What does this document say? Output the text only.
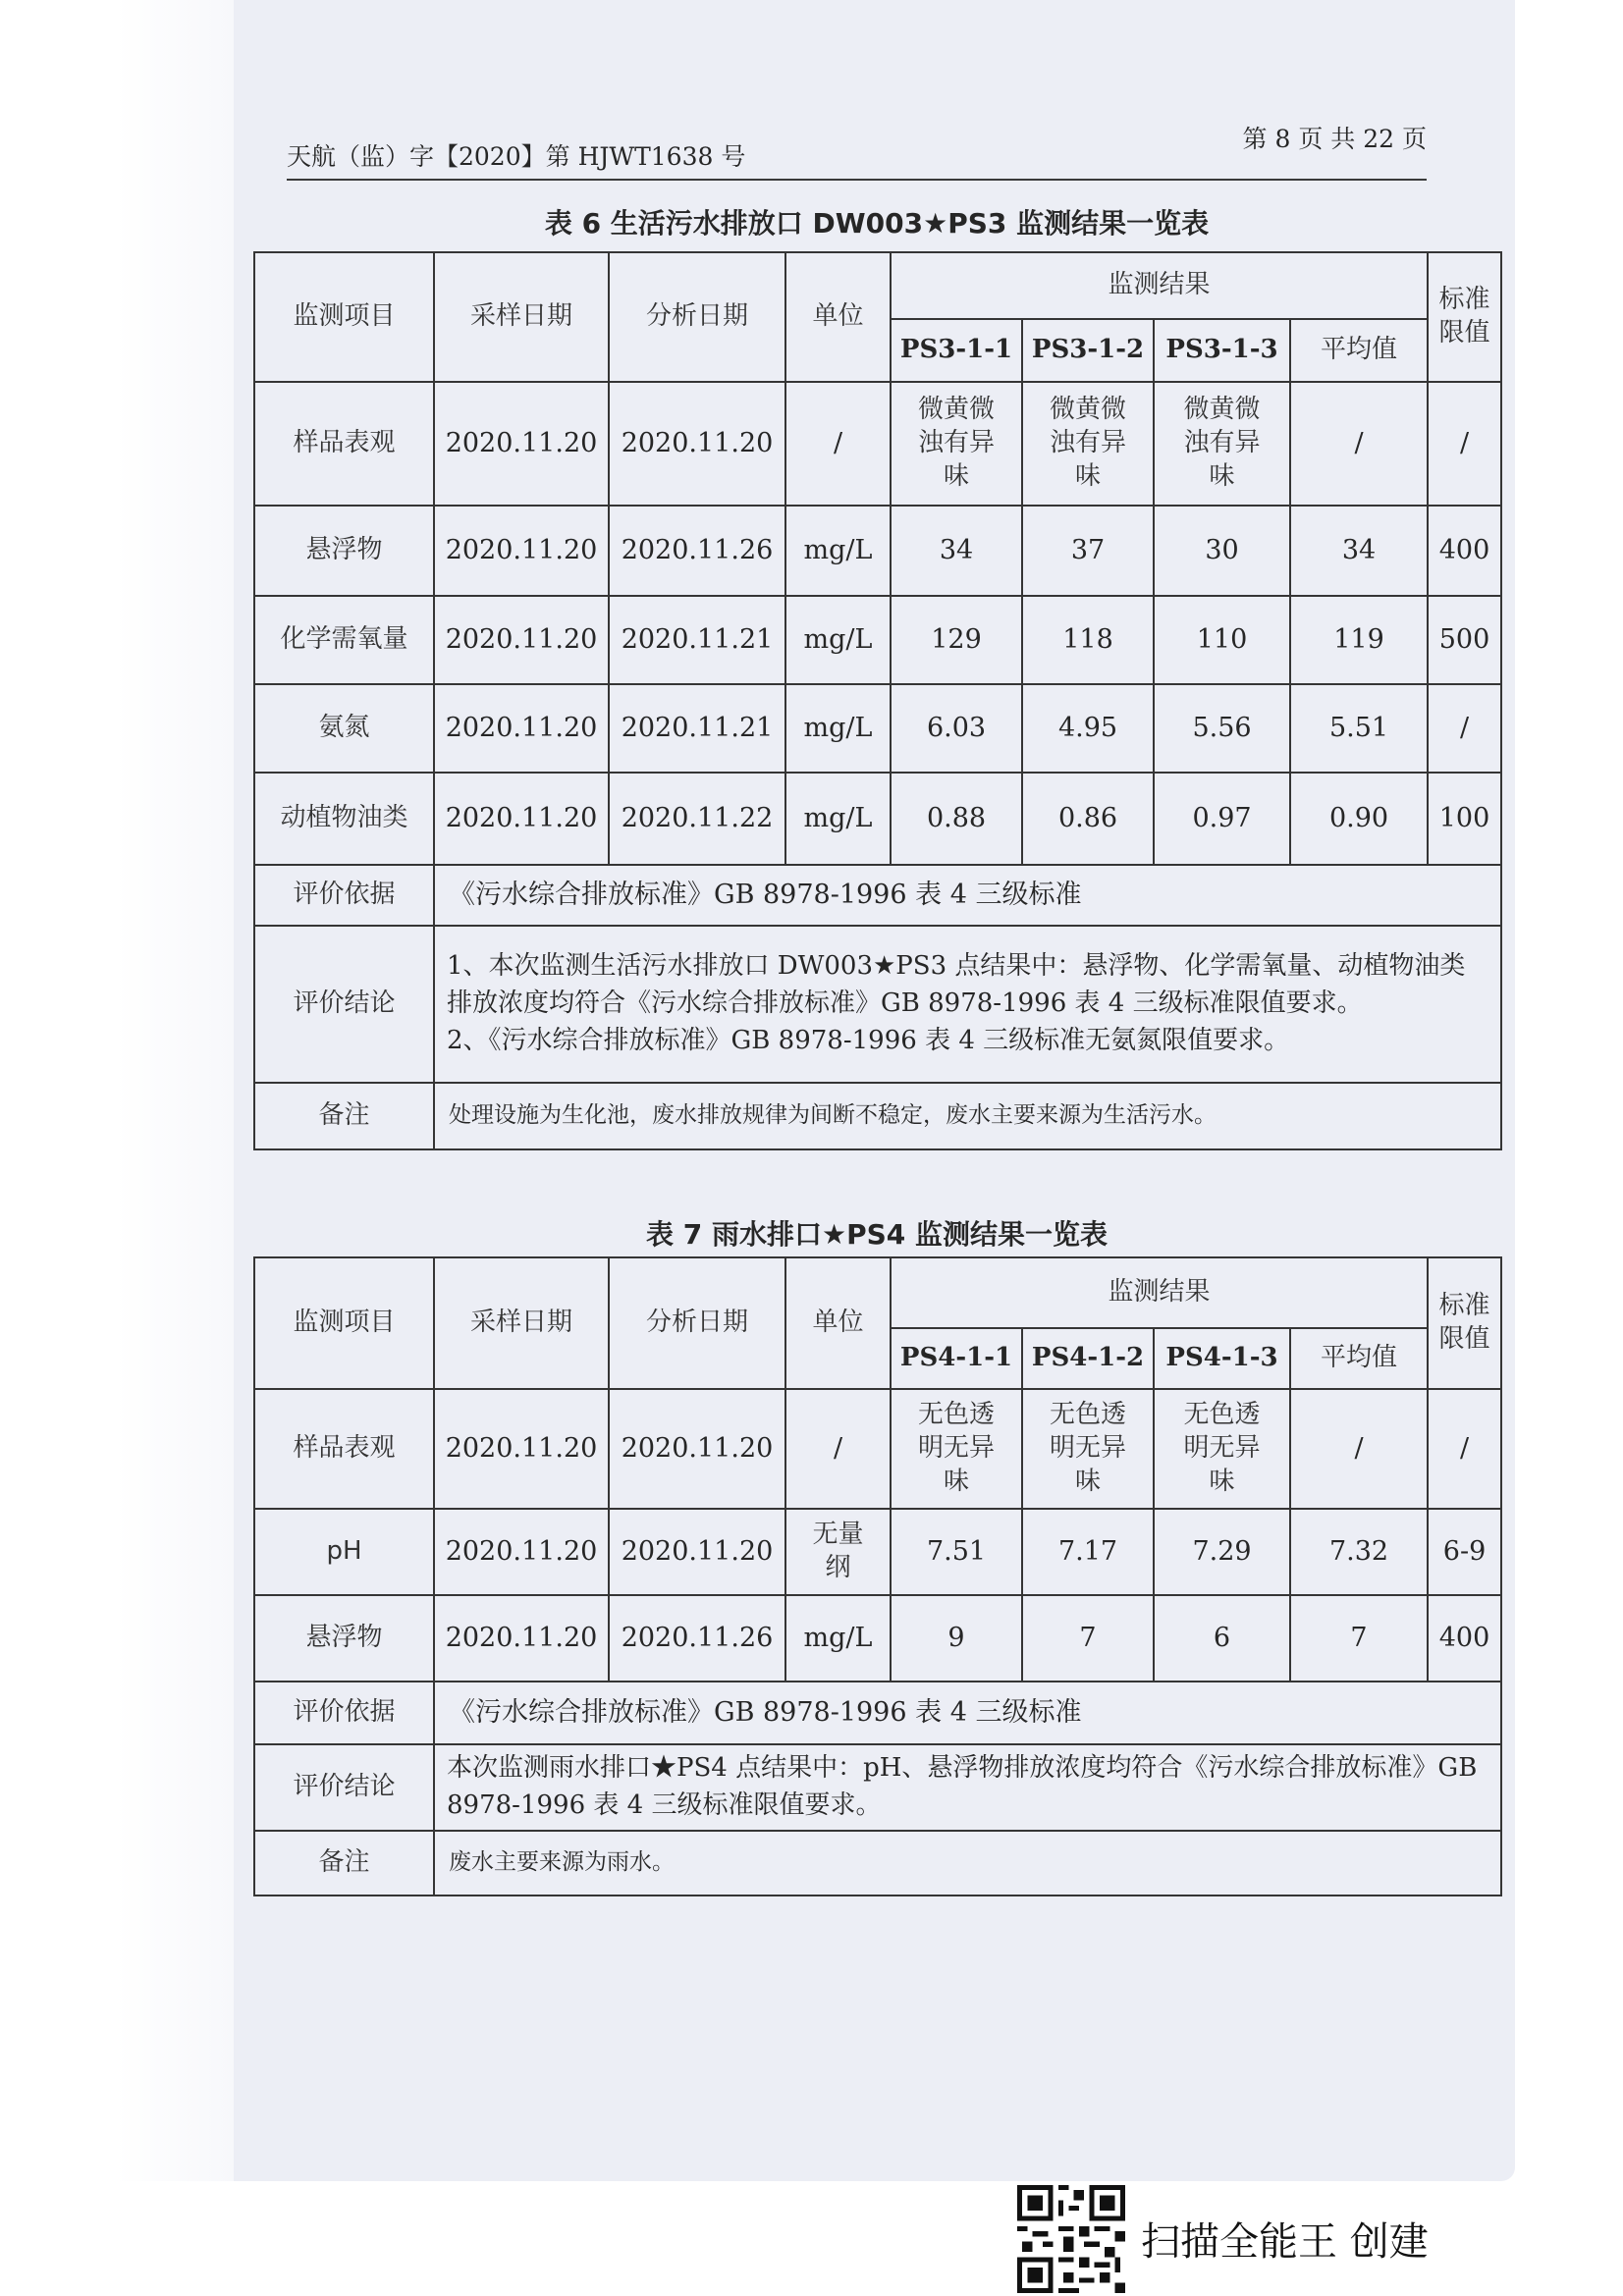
天航（监）字【2020】第 HJWT1638 号
第 8 页 共 22 页
表 6 生活污水排放口 DW003★PS3 监测结果一览表
监测项目	采样日期	分析日期	单位	监测结果				标准限值
				PS3-1-1	PS3-1-2	PS3-1-3	平均值	
样品表观	2020.11.20	2020.11.20	/	微黄微浊有异味	微黄微浊有异味	微黄微浊有异味	/	/
悬浮物	2020.11.20	2020.11.26	mg/L	34	37	30	34	400
化学需氧量	2020.11.20	2020.11.21	mg/L	129	118	110	119	500
氨氮	2020.11.20	2020.11.21	mg/L	6.03	4.95	5.56	5.51	/
动植物油类	2020.11.20	2020.11.22	mg/L	0.88	0.86	0.97	0.90	100
评价依据	《污水综合排放标准》GB 8978-1996 表 4 三级标准							
评价结论	1、本次监测生活污水排放口 DW003★PS3 点结果中：悬浮物、化学需氧量、动植物油类排放浓度均符合《污水综合排放标准》GB 8978-1996 表 4 三级标准限值要求。
2、《污水综合排放标准》GB 8978-1996 表 4 三级标准无氨氮限值要求。							

备注	处理设施为生化池，废水排放规律为间断不稳定，废水主要来源为生活污水。							
表 7 雨水排口★PS4 监测结果一览表
监测项目	采样日期	分析日期	单位	监测结果				标准限值
				PS4-1-1	PS4-1-2	PS4-1-3	平均值	
样品表观	2020.11.20	2020.11.20	/	无色透明无异味	无色透明无异味	无色透明无异味	/	/
pH	2020.11.20	2020.11.20	无量纲	7.51	7.17	7.29	7.32	6-9
悬浮物	2020.11.20	2020.11.26	mg/L	9	7	6	7	400
评价依据	《污水综合排放标准》GB 8978-1996 表 4 三级标准							
评价结论	本次监测雨水排口★PS4 点结果中：pH、悬浮物排放浓度均符合《污水综合排放标准》GB 8978-1996 表 4 三级标准限值要求。							
备注	废水主要来源为雨水。							
扫描全能王 创建
